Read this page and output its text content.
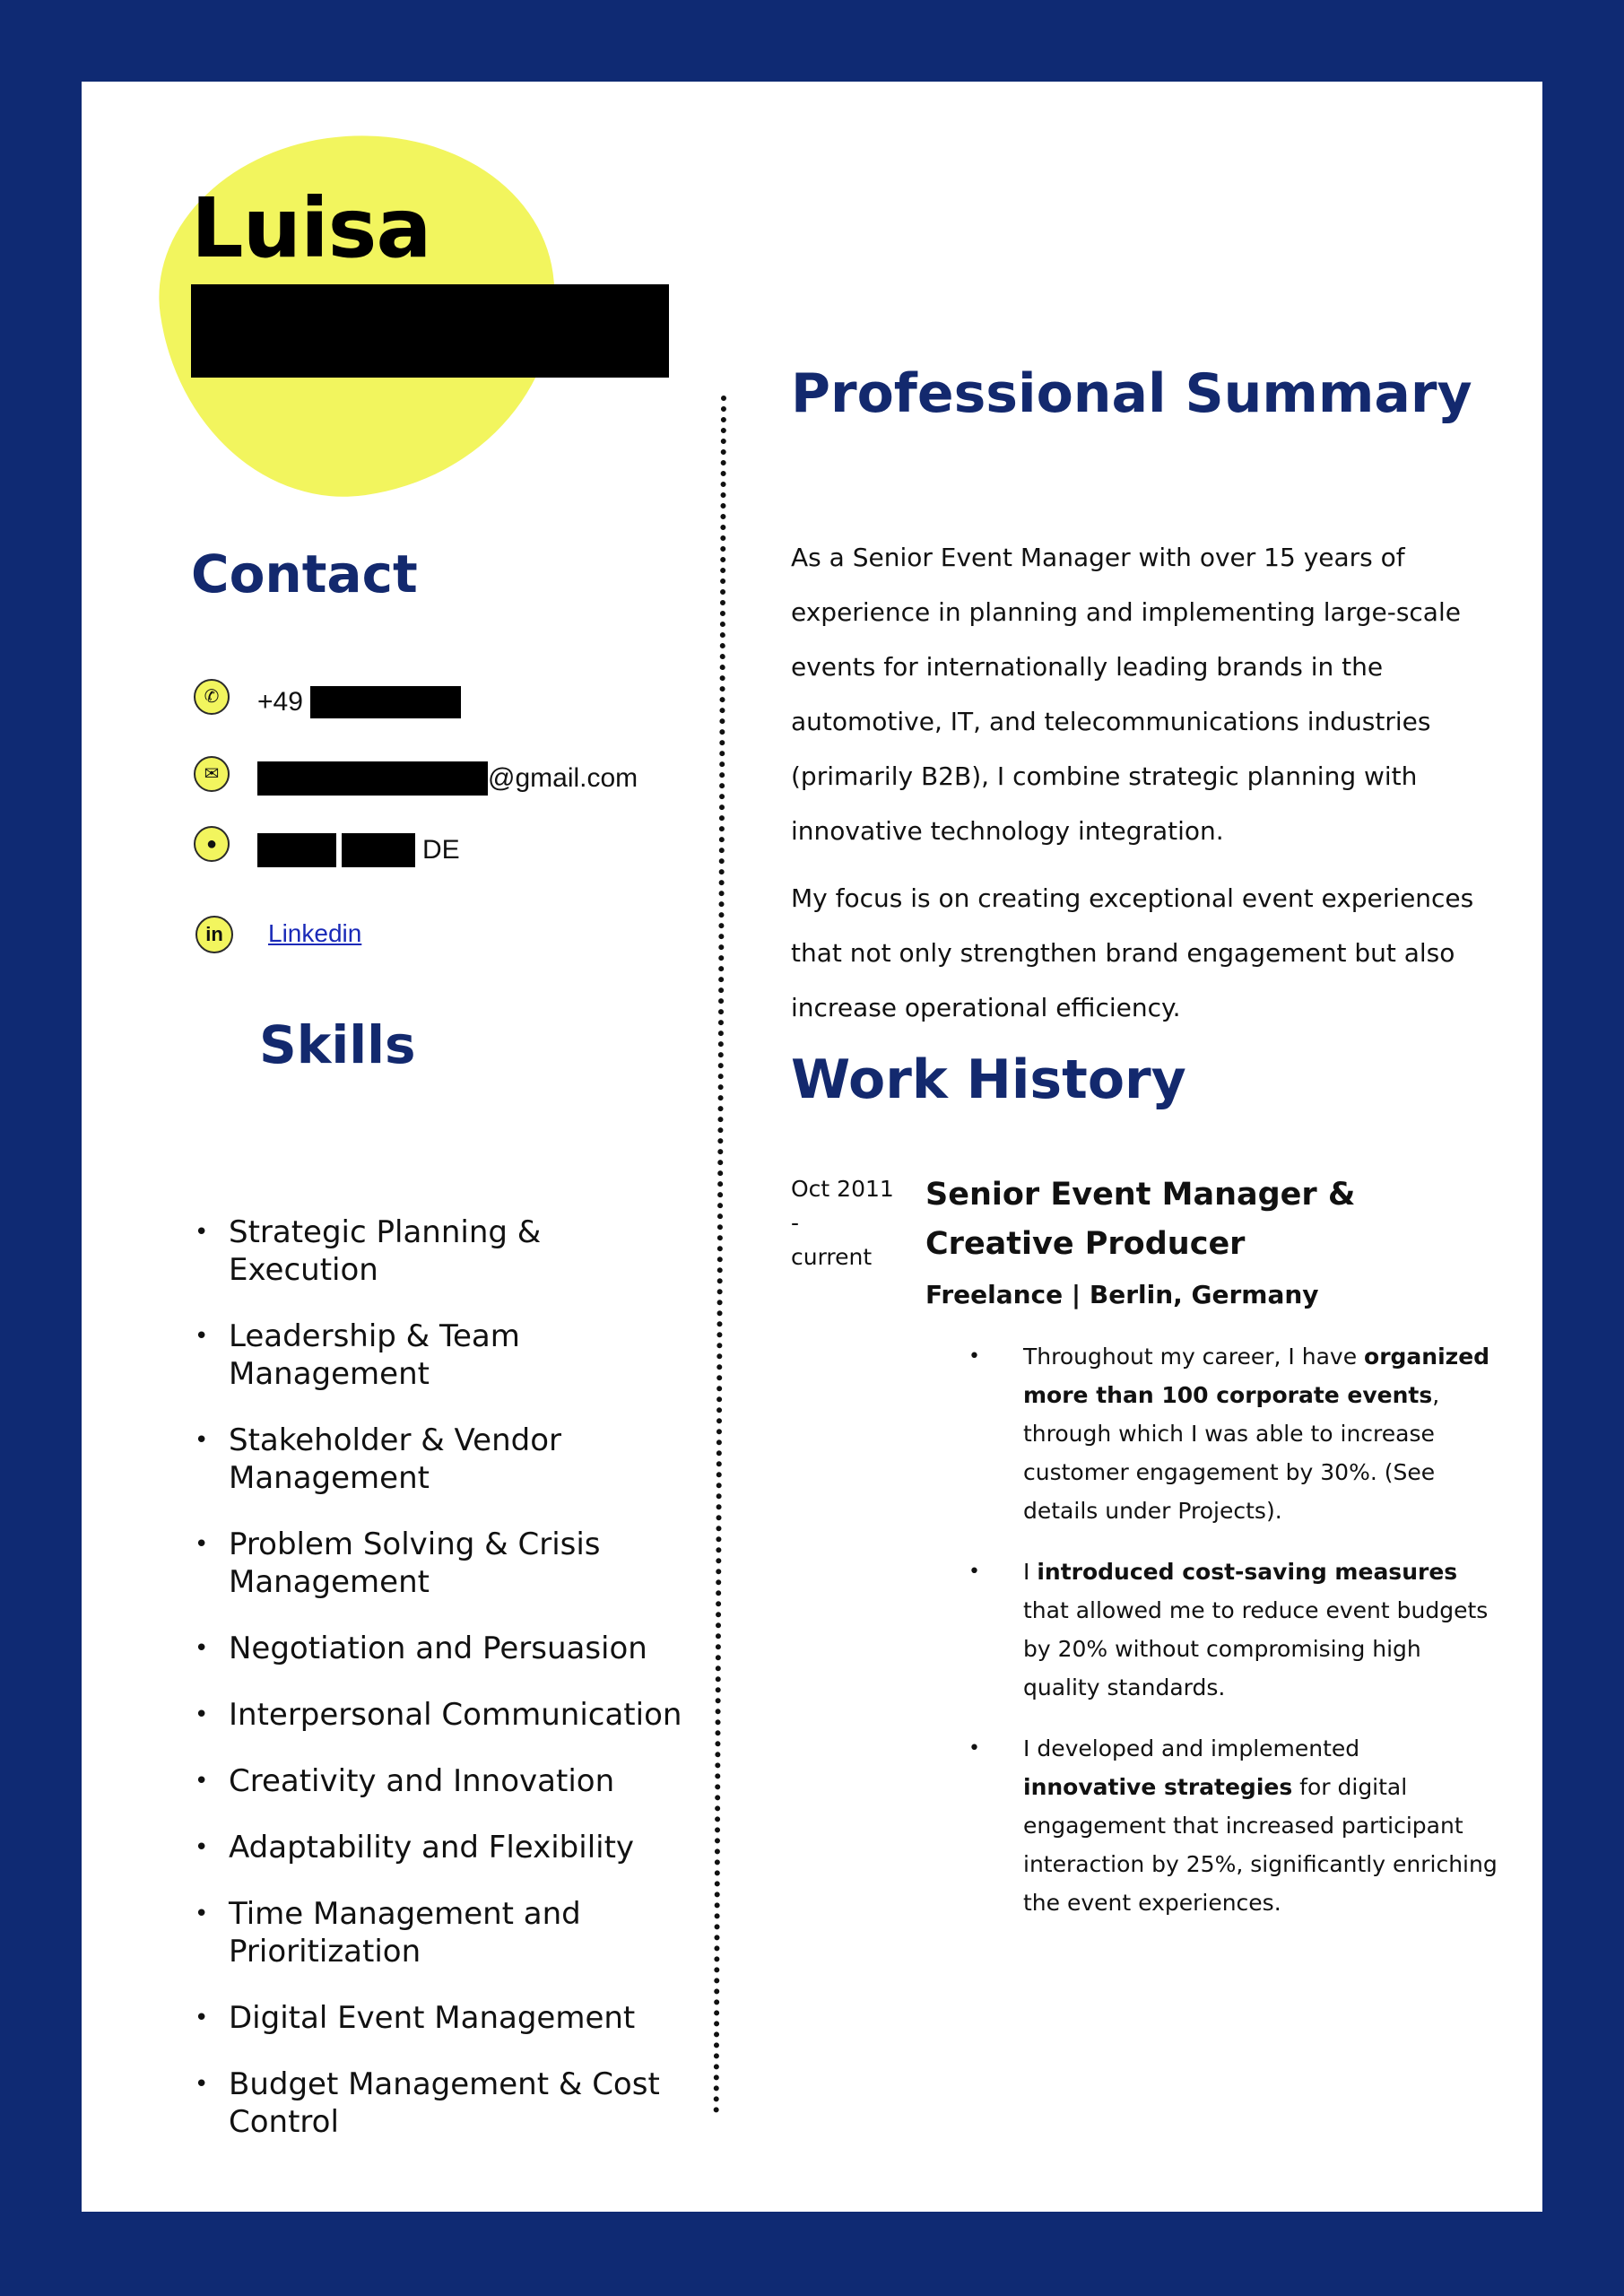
Luisa
Contact
✆	+49
✉	@gmail.com
●	DE
in	Linkedin
Skills
• Strategic Planning & Execution
• Leadership & Team Management
• Stakeholder & Vendor Management
• Problem Solving & Crisis Management
• Negotiation and Persuasion
• Interpersonal Communication
• Creativity and Innovation
• Adaptability and Flexibility
• Time Management and Prioritization
• Digital Event Management
• Budget Management & Cost Control
Professional Summary

As a Senior Event Manager with over 15 years of experience in planning and implementing large-scale events for internationally leading brands in the automotive, IT, and telecommunications industries (primarily B2B), I combine strategic planning with innovative technology integration.

My focus is on creating exceptional event experiences that not only strengthen brand engagement but also increase operational efficiency.

Work History
Oct 2011 -
current
Senior Event Manager & Creative Producer
Freelance | Berlin, Germany
• Throughout my career, I have organized more than 100 corporate events, through which I was able to increase customer engagement by 30%. (See details under Projects).
• I introduced cost-saving measures that allowed me to reduce event budgets by 20% without compromising high quality standards.
• I developed and implemented innovative strategies for digital engagement that increased participant interaction by 25%, significantly enriching the event experiences.
